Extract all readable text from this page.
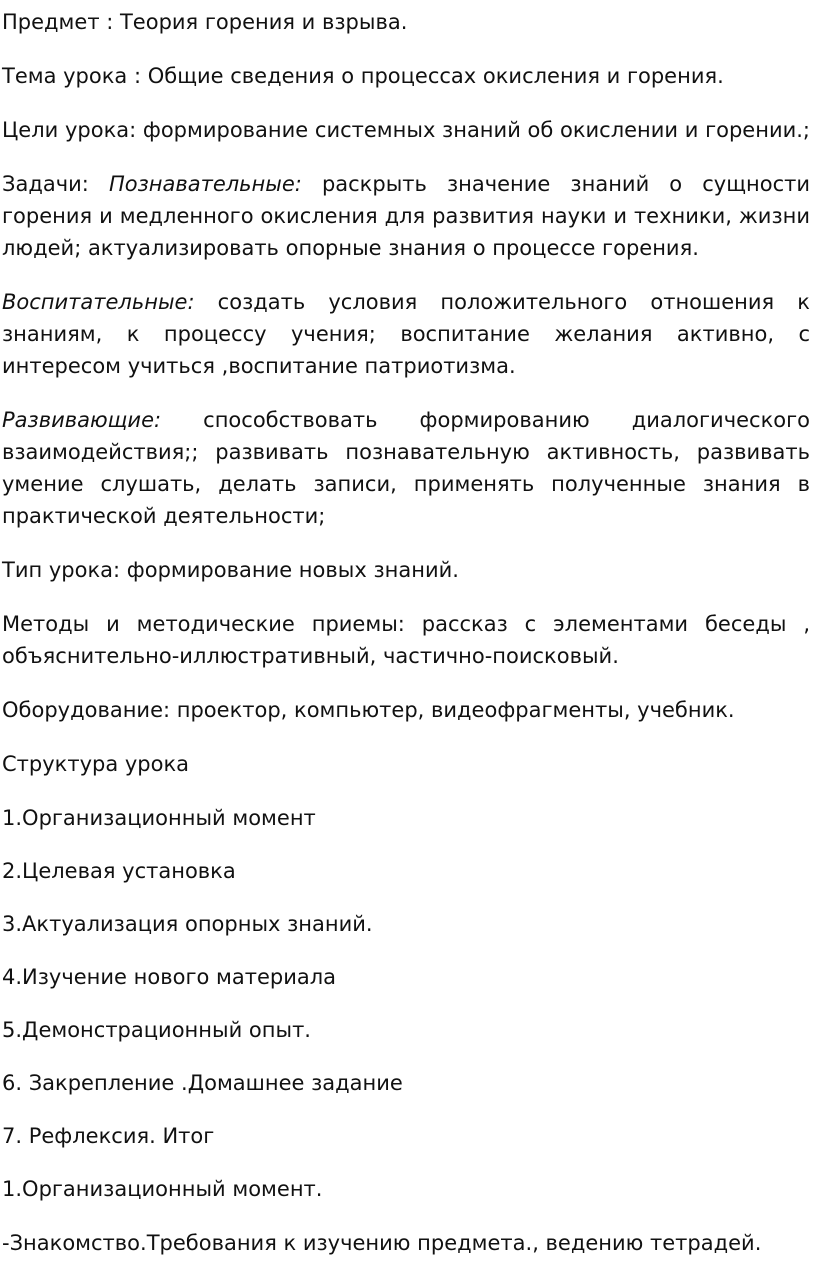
Предмет : Теория горения и взрыва.

Тема урока : Общие сведения о процессах окисления и горения.

Цели урока: формирование системных знаний об окислении и горении.;

Задачи: Познавательные: раскрыть значение знаний о сущности горения и медленного окисления для развития науки и техники, жизни людей; актуализировать опорные знания о процессе горения.

Воспитательные: создать условия положительного отношения к знаниям, к процессу учения; воспитание желания активно, с интересом учиться ,воспитание патриотизма.

Развивающие: способствовать формированию диалогического взаимодействия;; развивать познавательную активность, развивать умение слушать, делать записи, применять полученные знания в практической деятельности;

Тип урока: формирование новых знаний.

Методы и методические приемы: рассказ с элементами беседы , объяснительно-иллюстративный, частично-поисковый.

Оборудование: проектор, компьютер, видеофрагменты, учебник.

Структура урока

1.Организационный момент
2.Целевая установка
3.Актуализация опорных знаний.
4.Изучение нового материала
5.Демонстрационный опыт.
6. Закрепление .Домашнее задание
7. Рефлексия. Итог

1.Организационный момент.

-Знакомство.Требования к изучению предмета., ведению тетрадей.
